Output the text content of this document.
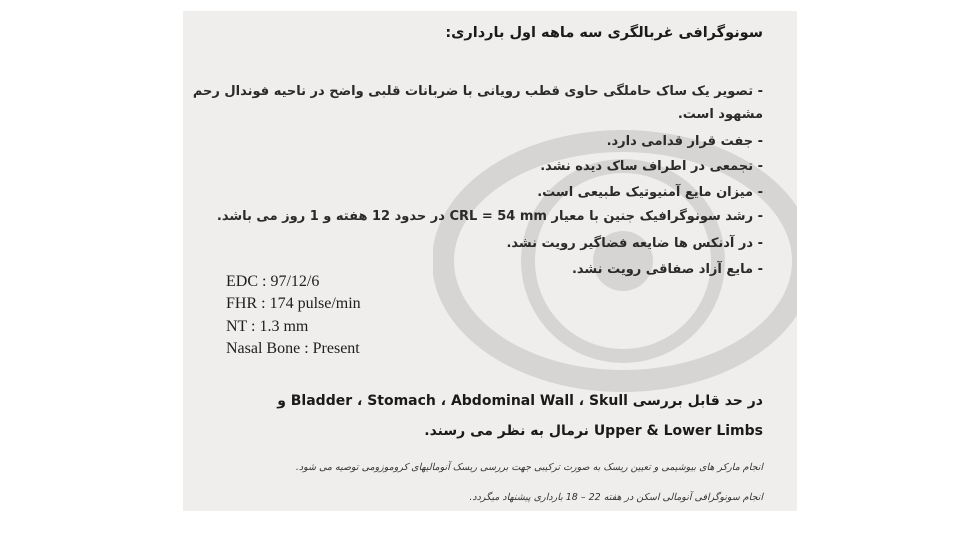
سونوگرافی غربالگری سه ماهه اول بارداری:
- تصویر یک ساک حاملگی حاوی قطب رویانی با ضربانات قلبی واضح در ناحیه فوندال رحم
مشهود است.
- جفت قرار قدامی دارد.
- تجمعی در اطراف ساک دیده نشد.
- میزان مایع آمنیوتیک طبیعی است.
- رشد سونوگرافیک جنین با معیار CRL = 54 mm در حدود 12 هفته و 1 روز می باشد.
- در آدنکس ها ضایعه فضاگیر رویت نشد.
- مایع آزاد صفاقی رویت نشد.
EDC : 97/12/6
FHR : 174 pulse/min
NT : 1.3 mm
Nasal Bone : Present
در حد قابل بررسی Bladder ، Stomach ، Abdominal Wall ، Skull و
Upper & Lower Limbs نرمال به نظر می رسند.
انجام مارکر های بیوشیمی و تعیین ریسک به صورت ترکیبی جهت بررسی ریسک آنومالیهای کروموزومی توصیه می شود.
انجام سونوگرافی آنومالی اسکن در هفته 22 – 18 بارداری پیشنهاد میگردد.
